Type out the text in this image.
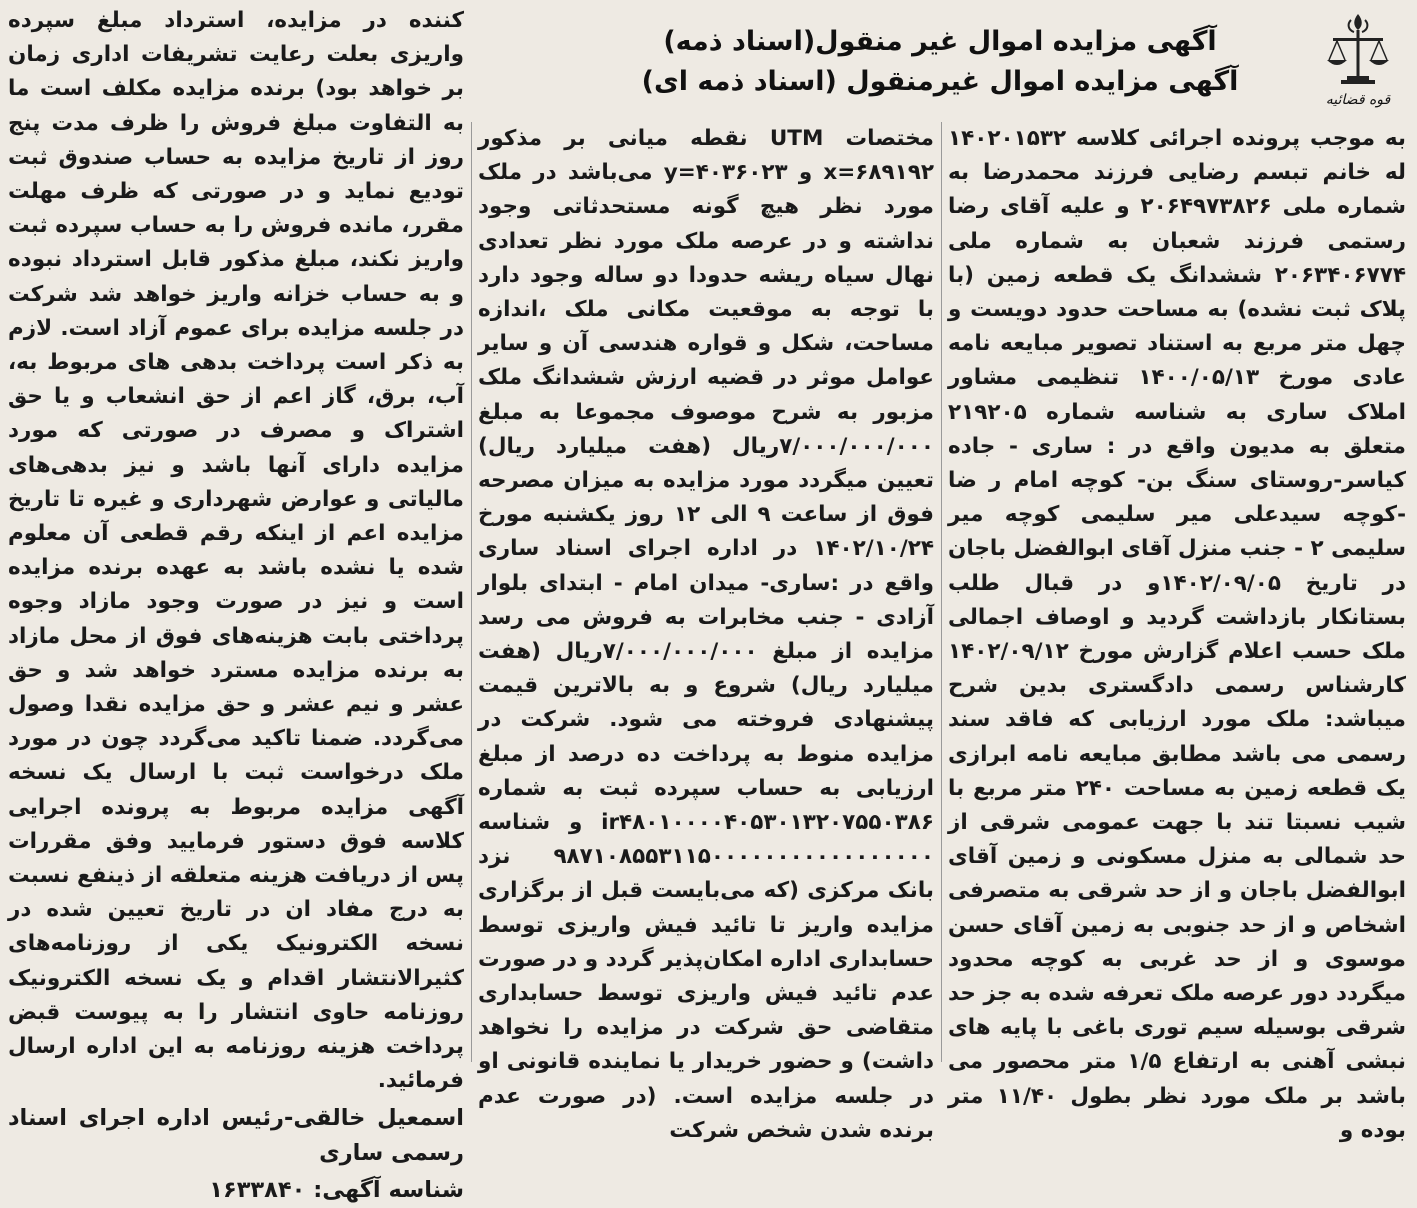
قوه قضائیه
آگهی مزایده اموال غیر منقول(اسناد ذمه)
آگهی مزایده اموال غیرمنقول (اسناد ذمه ای)
به موجب پرونده اجرائی کلاسه ۱۴۰۲۰۱۵۳۲ له خانم تبسم رضایی فرزند محمدرضا به شماره ملی ۲۰۶۴۹۷۳۸۲۶ و علیه آقای رضا رستمی فرزند شعبان به شماره ملی ۲۰۶۳۴۰۶۷۷۴ ششدانگ یک قطعه زمین (با پلاک ثبت نشده) به مساحت حدود دویست و چهل متر مربع به استناد تصویر مبایعه نامه عادی مورخ ۱۴۰۰/۰۵/۱۳ تنظیمی مشاور املاک ساری به شناسه شماره ۲۱۹۲۰۵ متعلق به مدیون واقع در : ساری - جاده کیاسر-روستای سنگ بن- کوچه امام ر ضا -کوچه سیدعلی میر سلیمی کوچه میر سلیمی ۲ - جنب منزل آقای ابوالفضل باجان در تاریخ ۱۴۰۲/۰۹/۰۵و در قبال طلب بستانکار بازداشت گردید و اوصاف اجمالی ملک حسب اعلام گزارش مورخ ۱۴۰۲/۰۹/۱۲ کارشناس رسمی دادگستری بدین شرح میباشد: ملک مورد ارزیابی که فاقد سند رسمی می باشد مطابق مبایعه نامه ابرازی یک قطعه زمین به مساحت ۲۴۰ متر مربع با شیب نسبتا تند با جهت عمومی شرقی از حد شمالی به منزل مسکونی و زمین آقای ابوالفضل باجان و از حد شرقی به متصرفی اشخاص و از حد جنوبی به زمین آقای حسن موسوی و از حد غربی به کوچه محدود میگردد دور عرصه ملک تعرفه شده به جز حد شرقی بوسیله سیم توری باغی با پایه های نبشی آهنی به ارتفاع ۱/۵ متر محصور می باشد بر ملک مورد نظر بطول ۱۱/۴۰ متر بوده و
مختصات UTM نقطه میانی بر مذکور x=۶۸۹۱۹۲ و y=۴۰۳۶۰۲۳ می‌باشد در ملک مورد نظر هیچ گونه مستحدثاتی وجود نداشته و در عرصه ملک مورد نظر تعدادی نهال سیاه ریشه حدودا دو ساله وجود دارد با توجه به موقعیت مکانی ملک ،اندازه مساحت، شکل و قواره هندسی آن و سایر عوامل موثر در قضیه ارزش ششدانگ ملک مزبور به شرح موصوف مجموعا به مبلغ ۷/۰۰۰/۰۰۰/۰۰۰ریال (هفت میلیارد ریال) تعیین میگردد مورد مزایده به میزان مصرحه فوق از ساعت ۹ الی ۱۲ روز یکشنبه مورخ ۱۴۰۲/۱۰/۲۴ در اداره اجرای اسناد ساری واقع در :ساری- میدان امام - ابتدای بلوار آزادی - جنب مخابرات به فروش می رسد مزایده از مبلغ ۷/۰۰۰/۰۰۰/۰۰۰ریال (هفت میلیارد ریال) شروع و به بالاترین قیمت پیشنهادی فروخته می شود. شرکت در مزایده منوط به پرداخت ده درصد از مبلغ ارزیابی به حساب سپرده ثبت به شماره ir۴۸۰۱۰۰۰۰۴۰۵۳۰۱۳۲۰۷۵۵۰۳۸۶ و شناسه ۹۸۷۱۰۸۵۵۳۱۱۵۰۰۰۰۰۰۰۰۰۰۰۰۰۰۰۰۰ نزد بانک مرکزی (که می‌بایست قبل از برگزاری مزایده واریز تا تائید فیش واریزی توسط حسابداری اداره امکان‌پذیر گردد و در صورت عدم تائید فیش واریزی توسط حسابداری متقاضی حق شرکت در مزایده را نخواهد داشت) و حضور خریدار یا نماینده قانونی او در جلسه مزایده است. (در صورت عدم برنده شدن شخص شرکت
کننده در مزایده، استرداد مبلغ سپرده واریزی بعلت رعایت تشریفات اداری زمان بر خواهد بود) برنده مزایده مکلف است ما به التفاوت مبلغ فروش را ظرف مدت پنج روز از تاریخ مزایده به حساب صندوق ثبت تودیع نماید و در صورتی که ظرف مهلت مقرر، مانده فروش را به حساب سپرده ثبت واریز نکند، مبلغ مذکور قابل استرداد نبوده و به حساب خزانه واریز خواهد شد شرکت در جلسه مزایده برای عموم آزاد است. لازم به ذکر است پرداخت بدهی های مربوط به، آب، برق، گاز اعم از حق انشعاب و یا حق اشتراک و مصرف در صورتی که مورد مزایده دارای آنها باشد و نیز بدهی‌های مالیاتی و عوارض شهرداری و غیره تا تاریخ مزایده اعم از اینکه رقم قطعی آن معلوم شده یا نشده باشد به عهده برنده مزایده است و نیز در صورت وجود مازاد وجوه پرداختی بابت هزینه‌های فوق از محل مازاد به برنده مزایده مسترد خواهد شد و حق عشر و نیم عشر و حق مزایده نقدا وصول می‌گردد. ضمنا تاکید می‌گردد چون در مورد ملک درخواست ثبت با ارسال یک نسخه آگهی مزایده مربوط به پرونده اجرایی کلاسه فوق دستور فرمایید وفق مقررات پس از دریافت هزینه متعلقه از ذینفع نسبت به درج مفاد ان در تاریخ تعیین شده در نسخه الکترونیک یکی از روزنامه‌های کثیرالانتشار اقدام و یک نسخه الکترونیک روزنامه حاوی انتشار را به پیوست قبض پرداخت هزینه روزنامه به این اداره ارسال فرمائید.
اسمعیل خالقی-رئیس اداره اجرای اسناد رسمی ساری
شناسه آگهی: ۱۶۳۳۸۴۰
